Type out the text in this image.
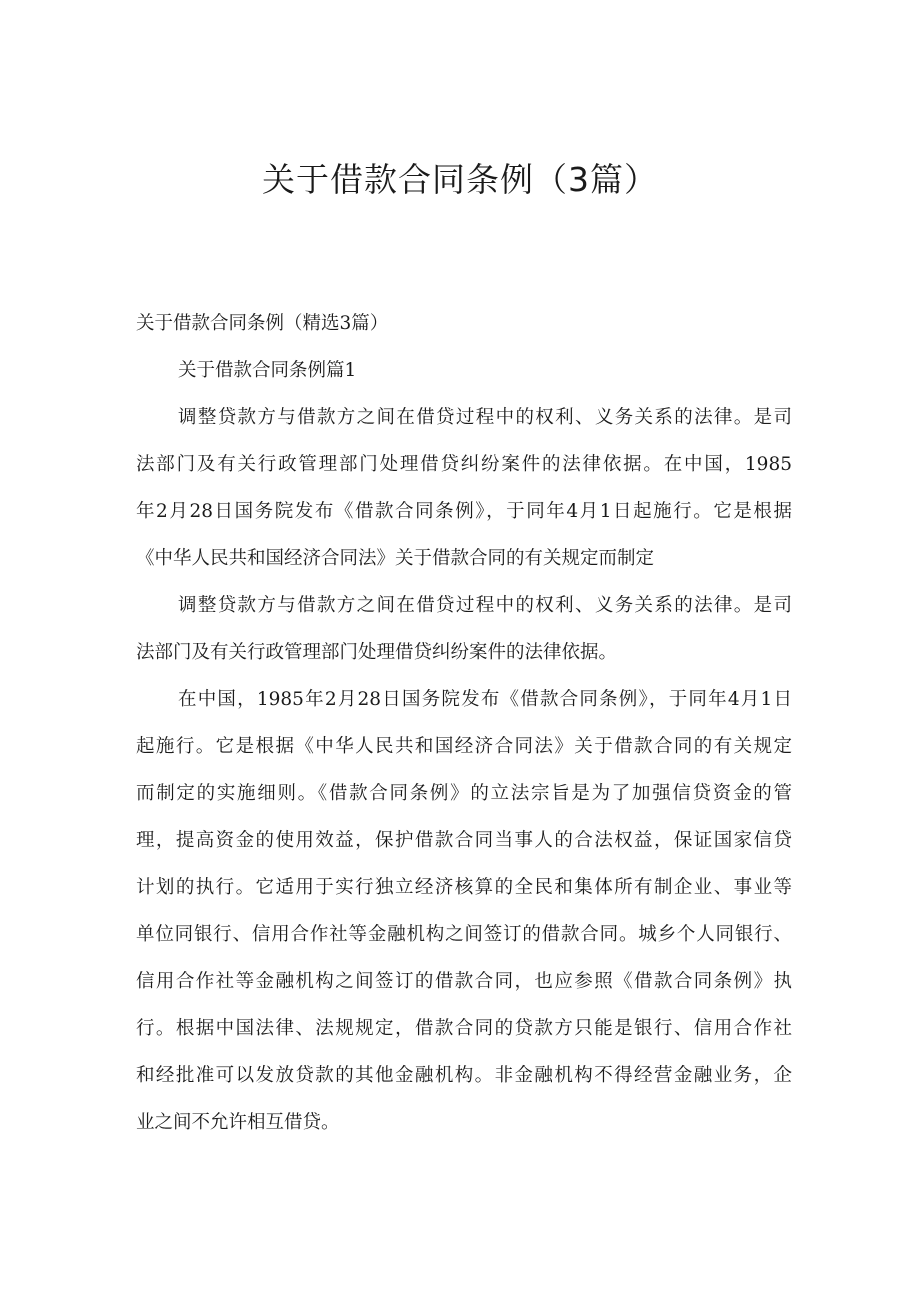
关于借款合同条例（3篇）
关于借款合同条例（精选3篇）
关于借款合同条例篇1
调整贷款方与借款方之间在借贷过程中的权利、义务关系的法律。是司
法部门及有关行政管理部门处理借贷纠纷案件的法律依据。在中国，1985
年2月28日国务院发布《借款合同条例》，于同年4月1日起施行。它是根据
《中华人民共和国经济合同法》关于借款合同的有关规定而制定
调整贷款方与借款方之间在借贷过程中的权利、义务关系的法律。是司
法部门及有关行政管理部门处理借贷纠纷案件的法律依据。
在中国，1985年2月28日国务院发布《借款合同条例》，于同年4月1日
起施行。它是根据《中华人民共和国经济合同法》关于借款合同的有关规定
而制定的实施细则。《借款合同条例》的立法宗旨是为了加强信贷资金的管
理，提高资金的使用效益，保护借款合同当事人的合法权益，保证国家信贷
计划的执行。它适用于实行独立经济核算的全民和集体所有制企业、事业等
单位同银行、信用合作社等金融机构之间签订的借款合同。城乡个人同银行、
信用合作社等金融机构之间签订的借款合同，也应参照《借款合同条例》执
行。根据中国法律、法规规定，借款合同的贷款方只能是银行、信用合作社
和经批准可以发放贷款的其他金融机构。非金融机构不得经营金融业务，企
业之间不允许相互借贷。
